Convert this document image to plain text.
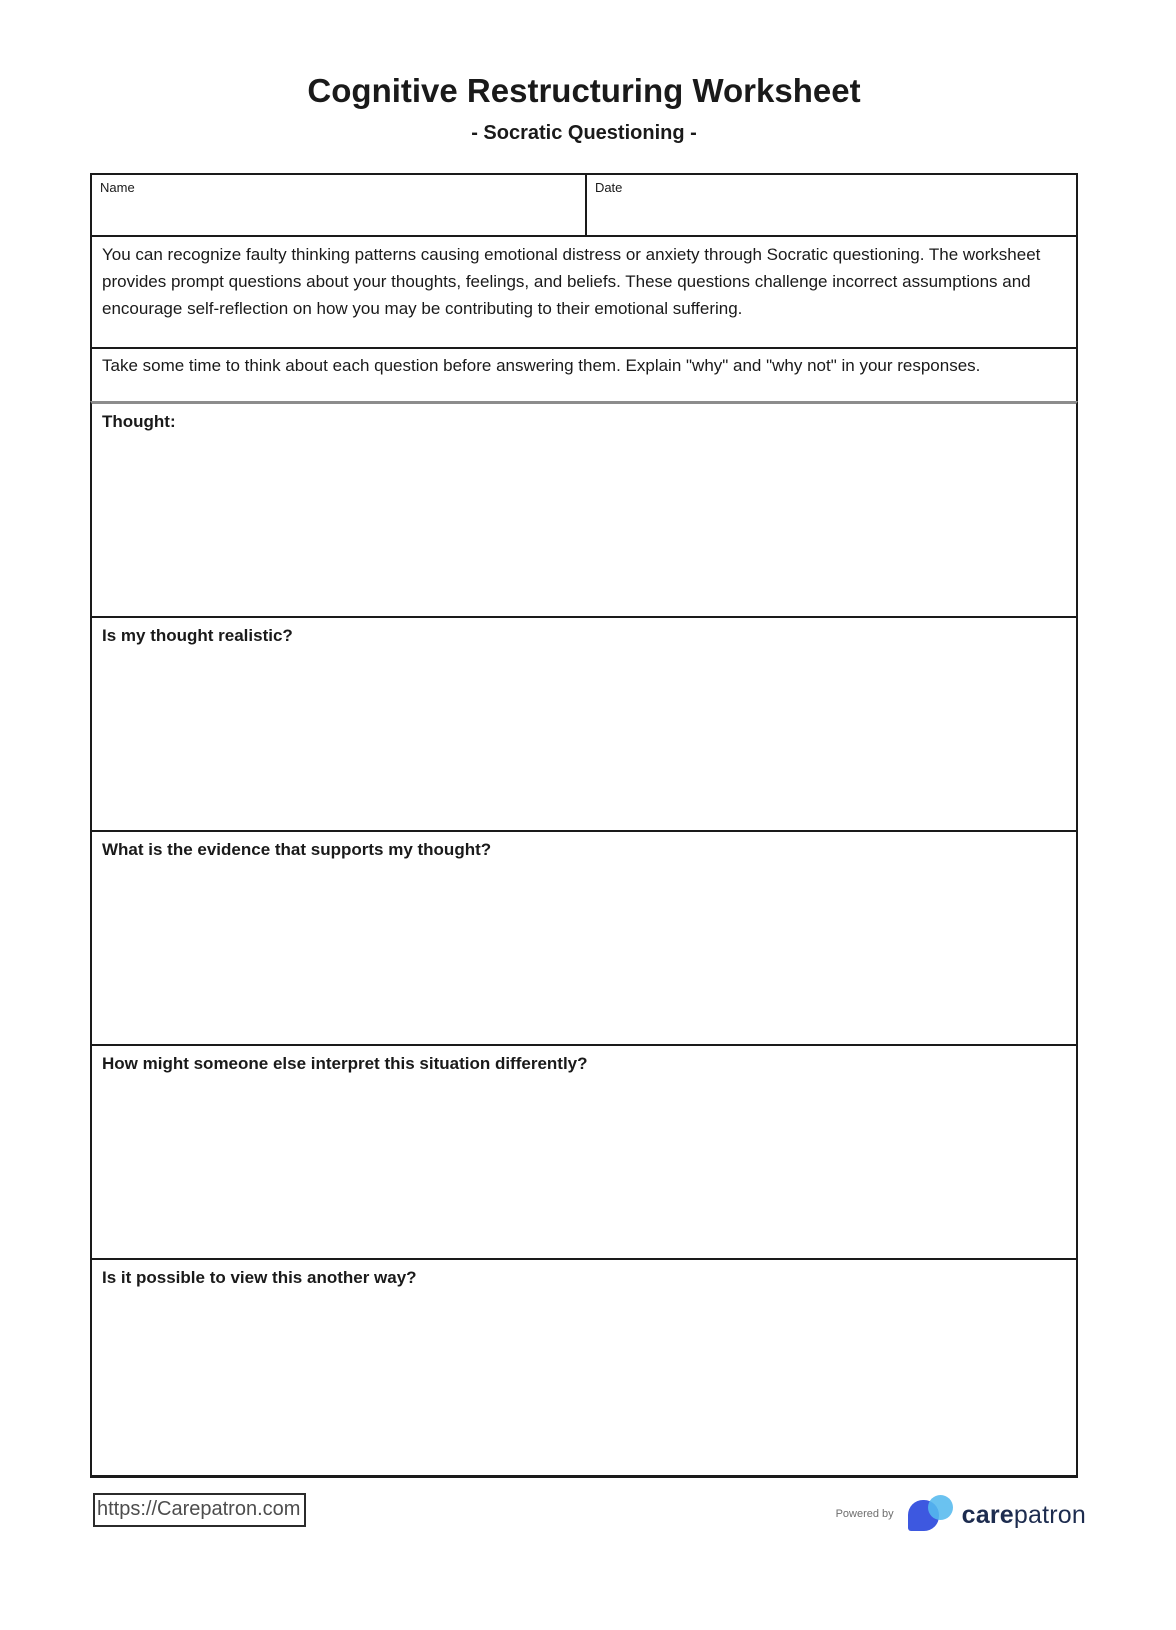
Cognitive Restructuring Worksheet
- Socratic Questioning -
Name	Date
You can recognize faulty thinking patterns causing emotional distress or anxiety through Socratic questioning. The worksheet provides prompt questions about your thoughts, feelings, and beliefs. These questions challenge incorrect assumptions and encourage self-reflection on how you may be contributing to their emotional suffering.
Take some time to think about each question before answering them. Explain "why" and "why not" in your responses.
Thought:
Is my thought realistic?
What is the evidence that supports my thought?
How might someone else interpret this situation differently?
Is it possible to view this another way?
https://Carepatron.com	Powered by	carepatron
